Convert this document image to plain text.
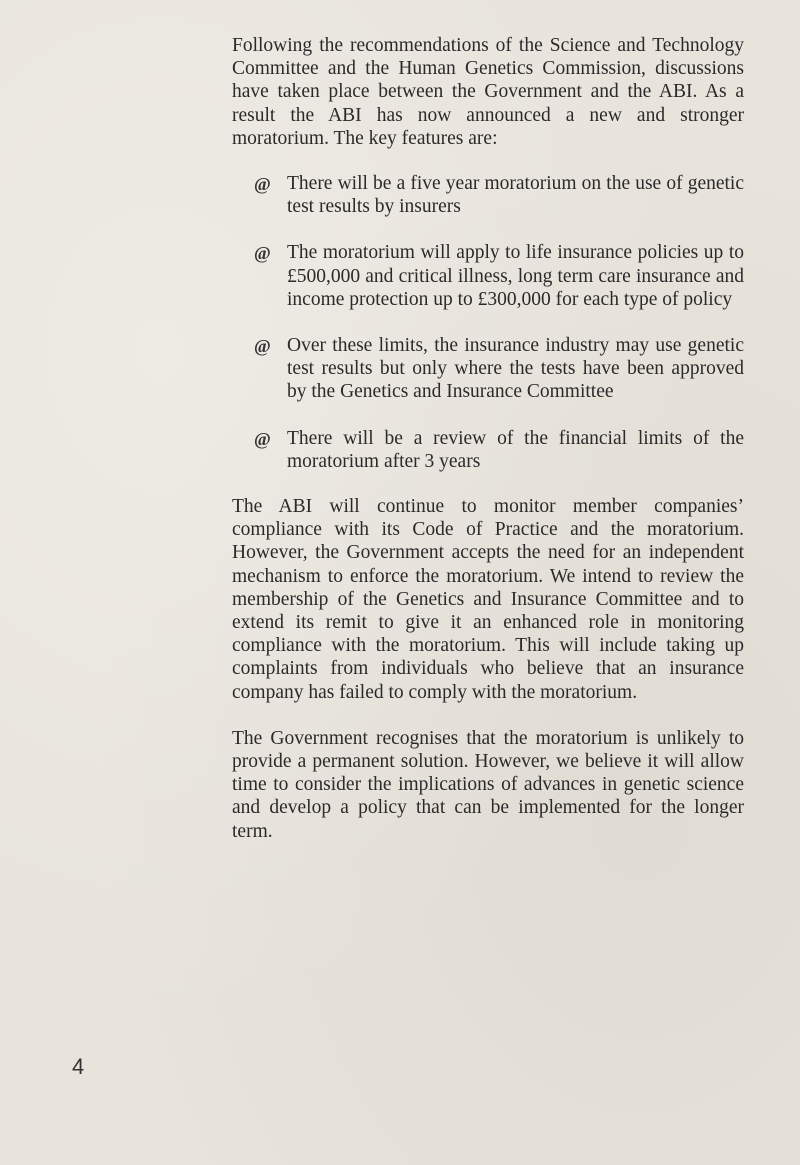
Following the recommendations of the Science and Technology Committee and the Human Genetics Commission, discussions have taken place between the Government and the ABI. As a result the ABI has now announced a new and stronger moratorium. The key features are:

@ There will be a five year moratorium on the use of genetic test results by insurers
@ The moratorium will apply to life insurance policies up to £500,000 and critical illness, long term care insurance and income protection up to £300,000 for each type of policy
@ Over these limits, the insurance industry may use genetic test results but only where the tests have been approved by the Genetics and Insurance Committee
@ There will be a review of the financial limits of the moratorium after 3 years

The ABI will continue to monitor member companies’ compliance with its Code of Practice and the moratorium. However, the Government accepts the need for an independent mechanism to enforce the moratorium. We intend to review the membership of the Genetics and Insurance Committee and to extend its remit to give it an enhanced role in monitoring compliance with the moratorium. This will include taking up complaints from individuals who believe that an insurance company has failed to comply with the moratorium.

The Government recognises that the moratorium is unlikely to provide a permanent solution. However, we believe it will allow time to consider the implications of advances in genetic science and develop a policy that can be implemented for the longer term.

4
